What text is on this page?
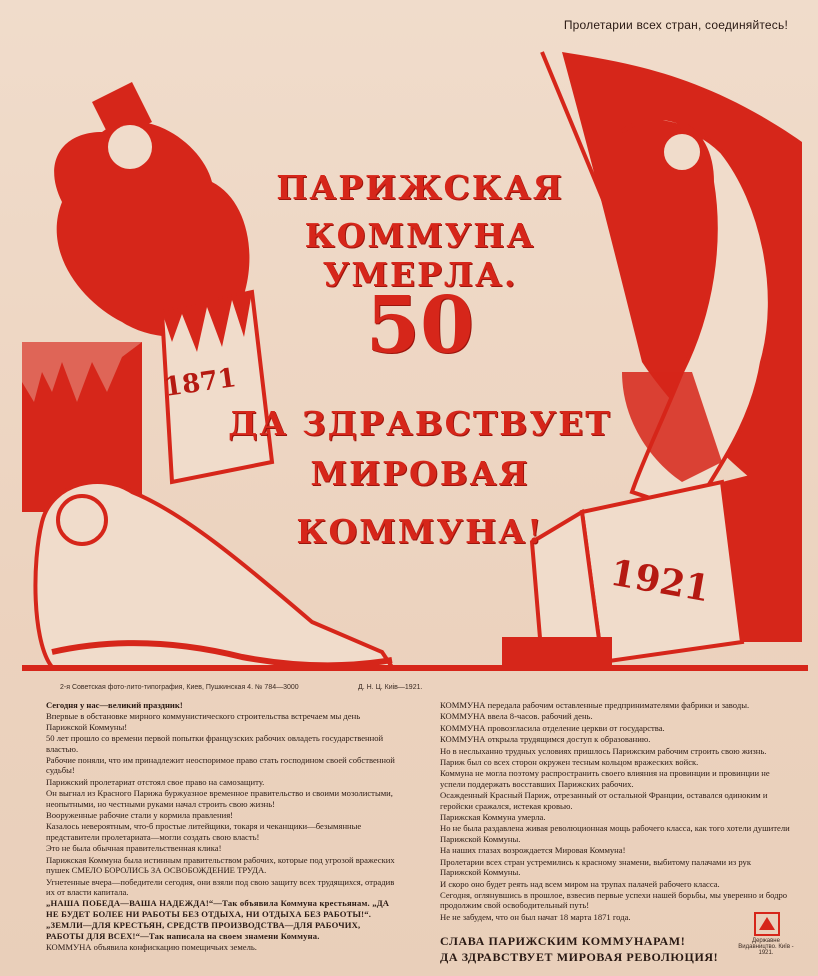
Пролетарии всех стран, соединяйтесь!
ПАРИЖСКАЯ
КОММУНА УМЕРЛА.
50
ДА ЗДРАВСТВУЕТ
МИРОВАЯ
КОММУНА!
1871
1921
2-я Советская фото-лито-типография, Киев, Пушкинская 4. № 784—3000	Д. Н. Ц. Киів—1921.

Сегодня у нас—великий праздник!

Впервые в обстановке мирного коммунистического строительства встречаем мы день Парижской Коммуны!

50 лет прошло со времени первой попытки французских рабочих овладеть государственной властью.

Рабочие поняли, что им принадлежит неоспоримое право стать господином своей собственной судьбы!

Парижский пролетариат отстоял свое право на самозащиту.

Он выгнал из Красного Парижа буржуазное временное правительство и своими мозолистыми, неопытными, но честными руками начал строить свою жизнь!

Вооруженные рабочие стали у кормила правления!

Казалось невероятным, что-б простые литейщики, токаря и чеканщики—безымянные представители пролетариата—могли создать свою власть!

Это не была обычная правительственная клика!

Парижская Коммуна была истинным правительством рабочих, которые под угрозой вражеских пушек СМЕЛО БОРОЛИСЬ ЗА ОСВОБОЖДЕНИЕ ТРУДА.

Угнетенные вчера—победители сегодня, они взяли под свою защиту всех трудящихся, отрадив их от власти капитала.

„НАША ПОБЕДА—ВАША НАДЕЖДА!“—Так объявила Коммуна крестьянам. „ДА НЕ БУДЕТ БОЛЕЕ НИ РАБОТЫ БЕЗ ОТДЫХА, НИ ОТДЫХА БЕЗ РАБОТЫ!“.

„ЗЕМЛИ—ДЛЯ КРЕСТЬЯН, СРЕДСТВ ПРОИЗВОДСТВА—ДЛЯ РАБОЧИХ, РАБОТЫ ДЛЯ ВСЕХ!“—Так написала на своем знамени Коммуна.

КОММУНА объявила конфискацию помещичьих земель.

КОММУНА передала рабочим оставленные предпринимателями фабрики и заводы.

КОММУНА ввела 8-часов. рабочий день.

КОММУНА провозгласила отделение церкви от государства.

КОММУНА открыла трудящимся доступ к образованию.

Но в неслыханно трудных условиях пришлось Парижским рабочим строить свою жизнь.

Париж был со всех сторон окружен тесным кольцом вражеских войск.

Коммуна не могла поэтому распространить своего влияния на провинции и провинции не успели поддержать восставших Парижских рабочих.

Осажденный Красный Париж, отрезанный от остальной Франции, оставался одиноким и геройски сражался, истекая кровью.

Парижская Коммуна умерла.

Но не была раздавлена живая революционная мощь рабочего класса, как того хотели душители Парижской Коммуны.

На наших глазах возрождается Мировая Коммуна!

Пролетарии всех стран устремились к красному знамени, выбитому палачами из рук Парижской Коммуны.

И скоро оно будет реять над всем миром на трупах палачей рабочего класса.

Сегодня, оглянувшись в прошлое, взвесив первые успехи нашей борьбы, мы уверенно и бодро продолжим свой освободительный путь!

Не не забудем, что он был начат 18 марта 1871 года.

СЛАВА ПАРИЖСКИМ КОММУНАРАМ!
ДА ЗДРАВСТВУЕТ МИРОВАЯ РЕВОЛЮЦИЯ!
Державне Видавництво. Київ - 1921.
